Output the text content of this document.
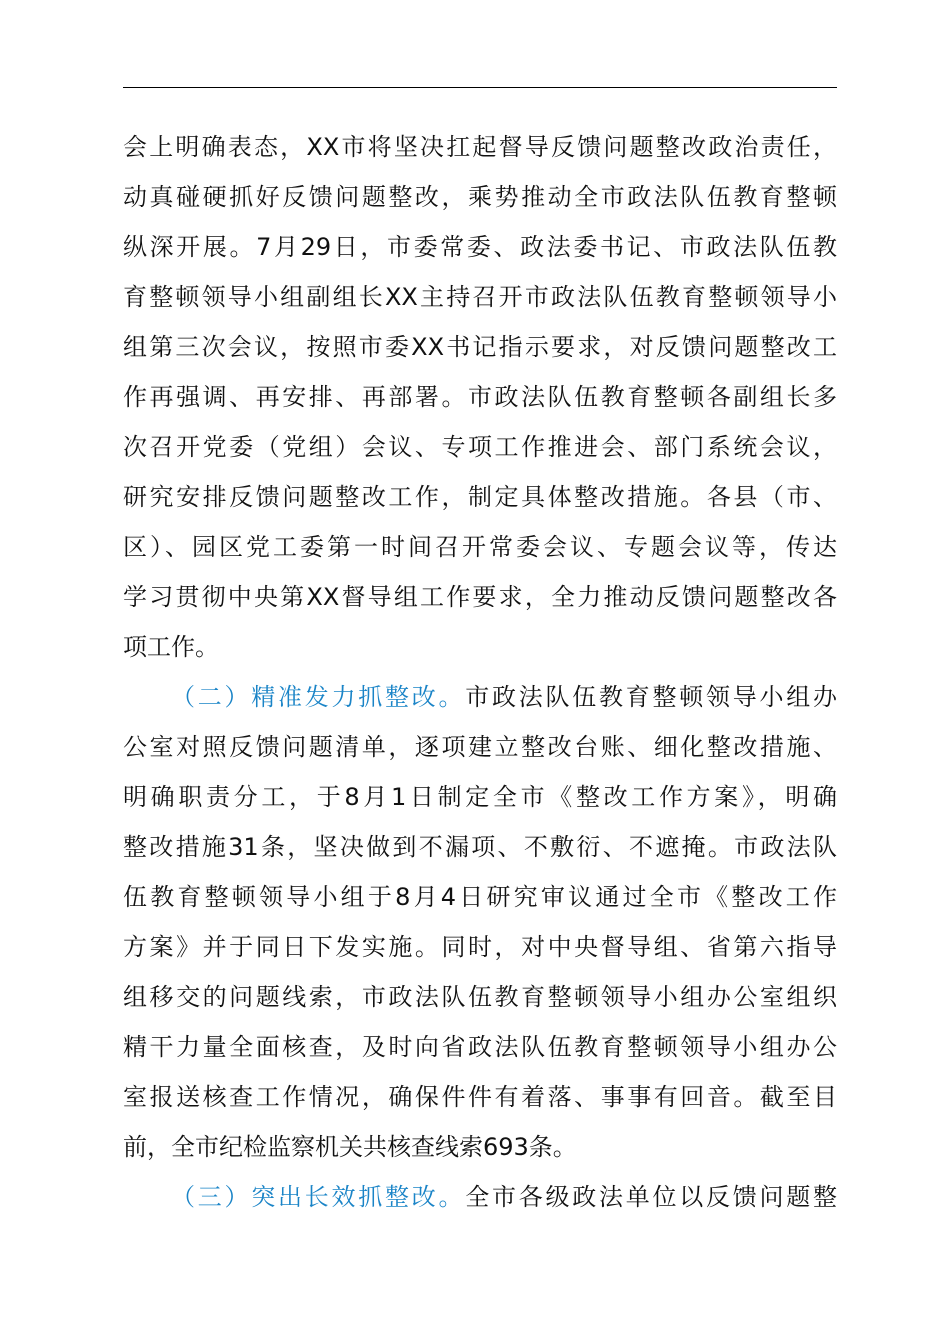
会上明确表态，XX市将坚决扛起督导反馈问题整改政治责任，
动真碰硬抓好反馈问题整改，乘势推动全市政法队伍教育整顿
纵深开展。7月29日，市委常委、政法委书记、市政法队伍教
育整顿领导小组副组长XX主持召开市政法队伍教育整顿领导小
组第三次会议，按照市委XX书记指示要求，对反馈问题整改工
作再强调、再安排、再部署。市政法队伍教育整顿各副组长多
次召开党委（党组）会议、专项工作推进会、部门系统会议，
研究安排反馈问题整改工作，制定具体整改措施。各县（市、
区）、园区党工委第一时间召开常委会议、专题会议等，传达
学习贯彻中央第XX督导组工作要求，全力推动反馈问题整改各
项工作。
（二）精准发力抓整改。市政法队伍教育整顿领导小组办
公室对照反馈问题清单，逐项建立整改台账、细化整改措施、
明确职责分工，于8月1日制定全市《整改工作方案》，明确
整改措施31条，坚决做到不漏项、不敷衍、不遮掩。市政法队
伍教育整顿领导小组于8月4日研究审议通过全市《整改工作
方案》并于同日下发实施。同时，对中央督导组、省第六指导
组移交的问题线索，市政法队伍教育整顿领导小组办公室组织
精干力量全面核查，及时向省政法队伍教育整顿领导小组办公
室报送核查工作情况，确保件件有着落、事事有回音。截至目
前，全市纪检监察机关共核查线索693条。
（三）突出长效抓整改。全市各级政法单位以反馈问题整
